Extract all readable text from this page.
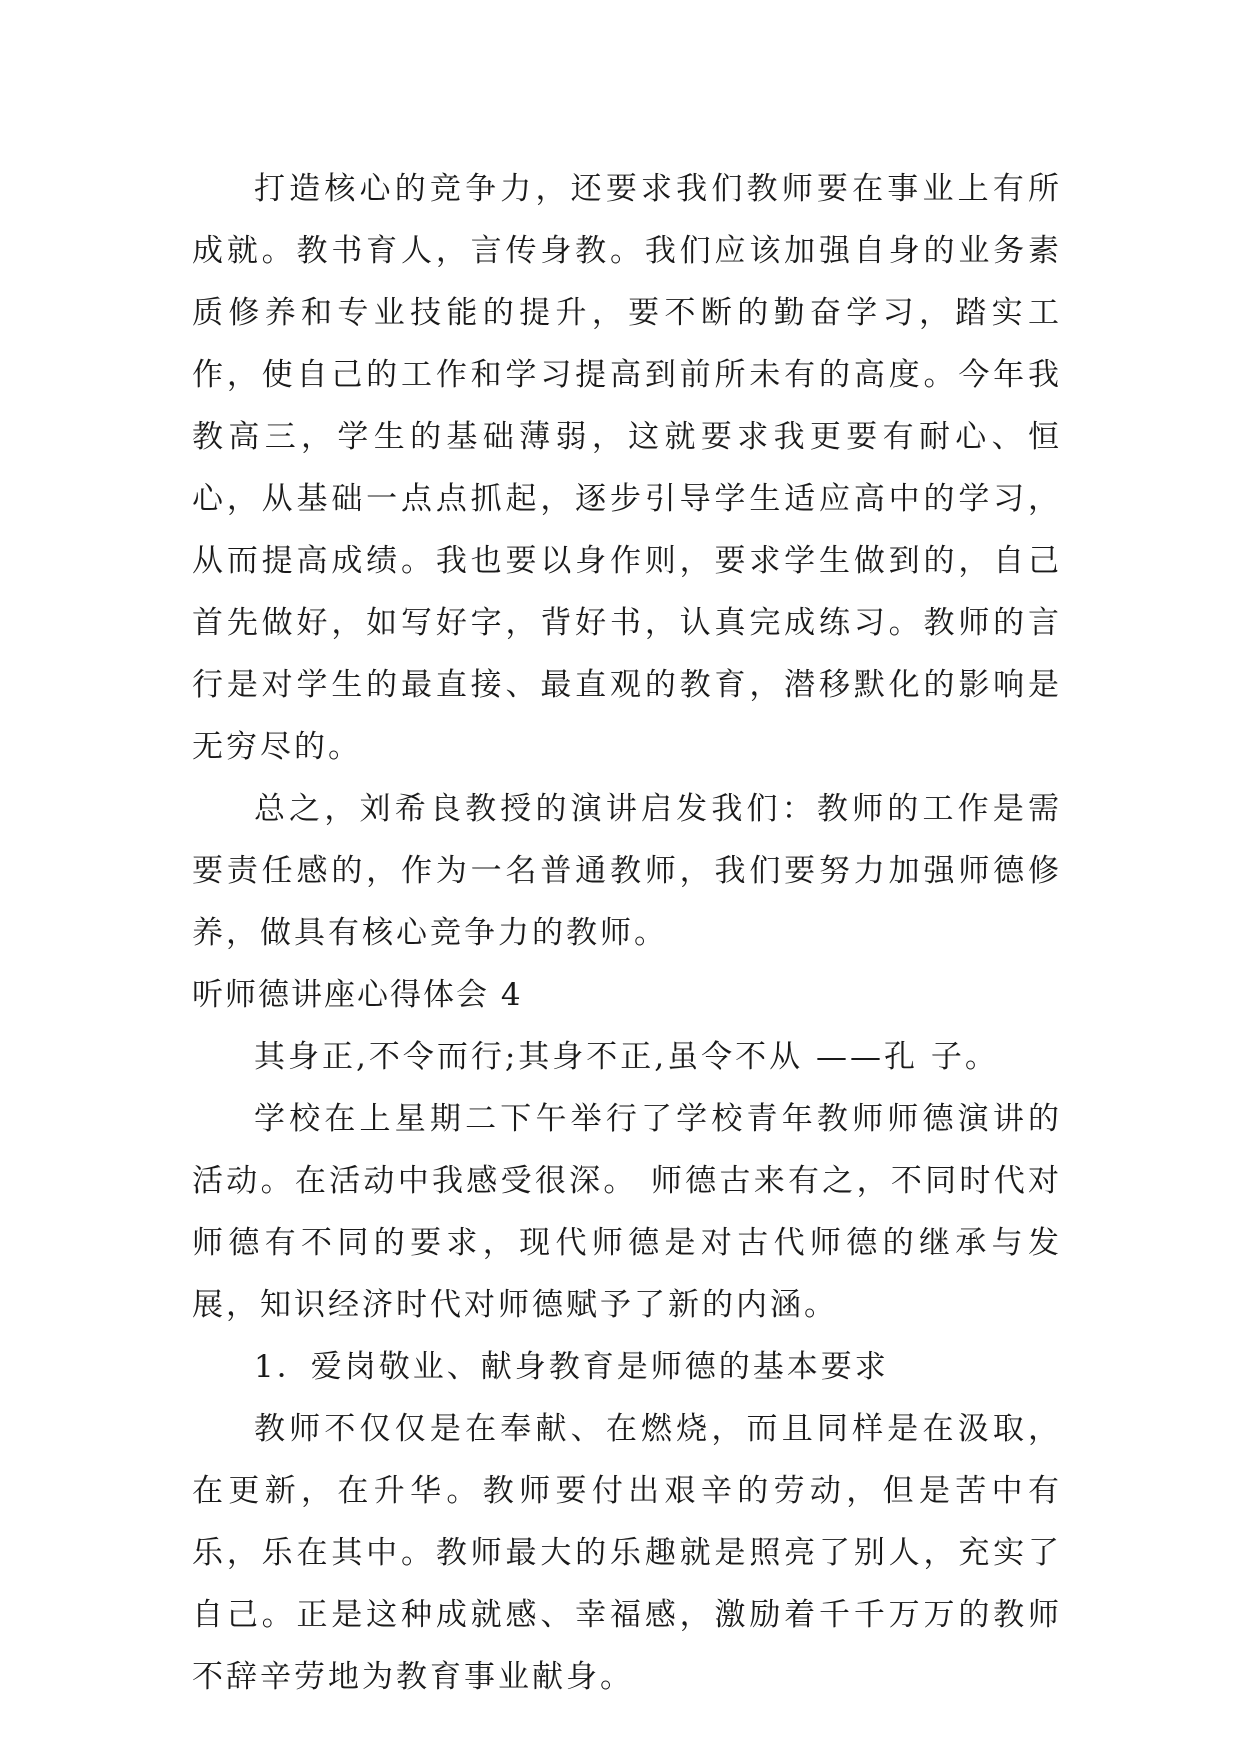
打造核心的竞争力，还要求我们教师要在事业上有所成就。教书育人，言传身教。我们应该加强自身的业务素质修养和专业技能的提升，要不断的勤奋学习，踏实工作，使自己的工作和学习提高到前所未有的高度。今年我教高三，学生的基础薄弱，这就要求我更要有耐心、恒心，从基础一点点抓起，逐步引导学生适应高中的学习，从而提高成绩。我也要以身作则，要求学生做到的，自己首先做好，如写好字，背好书，认真完成练习。教师的言行是对学生的最直接、最直观的教育，潜移默化的影响是无穷尽的。

总之，刘希良教授的演讲启发我们：教师的工作是需要责任感的，作为一名普通教师，我们要努力加强师德修养，做具有核心竞争力的教师。

听师德讲座心得体会 4

其身正,不令而行;其身不正,虽令不从 ——孔 子。

学校在上星期二下午举行了学校青年教师师德演讲的活动。在活动中我感受很深。 师德古来有之，不同时代对师德有不同的要求，现代师德是对古代师德的继承与发展，知识经济时代对师德赋予了新的内涵。

1．爱岗敬业、献身教育是师德的基本要求

教师不仅仅是在奉献、在燃烧，而且同样是在汲取，在更新，在升华。教师要付出艰辛的劳动，但是苦中有乐，乐在其中。教师最大的乐趣就是照亮了别人，充实了自己。正是这种成就感、幸福感，激励着千千万万的教师不辞辛劳地为教育事业献身。
